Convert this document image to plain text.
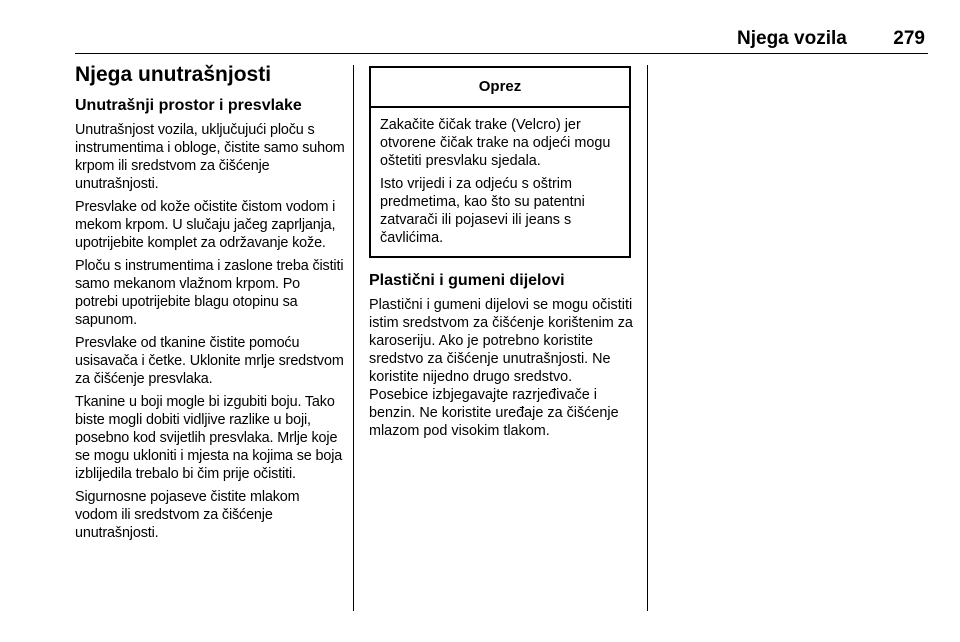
Njega vozila 279
Njega unutrašnjosti
Unutrašnji prostor i presvlake

Unutrašnjost vozila, uključujući ploču s instrumentima i obloge, čistite samo suhom krpom ili sredstvom za čišćenje unutrašnjosti.

Presvlake od kože očistite čistom vodom i mekom krpom. U slučaju jačeg zaprljanja, upotrijebite komplet za održavanje kože.

Ploču s instrumentima i zaslone treba čistiti samo mekanom vlažnom krpom. Po potrebi upotrijebite blagu otopinu sa sapunom.

Presvlake od tkanine čistite pomoću usisavača i četke. Uklonite mrlje sredstvom za čišćenje presvlaka.

Tkanine u boji mogle bi izgubiti boju. Tako biste mogli dobiti vidljive razlike u boji, posebno kod svijetlih presvlaka. Mrlje koje se mogu ukloniti i mjesta na kojima se boja izblijedila trebalo bi čim prije očistiti.

Sigurnosne pojaseve čistite mlakom vodom ili sredstvom za čišćenje unutrašnjosti.

Oprez

Zakačite čičak trake (Velcro) jer otvorene čičak trake na odjeći mogu oštetiti presvlaku sjedala.

Isto vrijedi i za odjeću s oštrim predmetima, kao što su patentni zatvarači ili pojasevi ili jeans s čavlićima.

Plastični i gumeni dijelovi

Plastični i gumeni dijelovi se mogu očistiti istim sredstvom za čišćenje korištenim za karoseriju. Ako je potrebno koristite sredstvo za čišćenje unutrašnjosti. Ne koristite nijedno drugo sredstvo. Posebice izbjegavajte razrjeđivače i benzin. Ne koristite uređaje za čišćenje mlazom pod visokim tlakom.
